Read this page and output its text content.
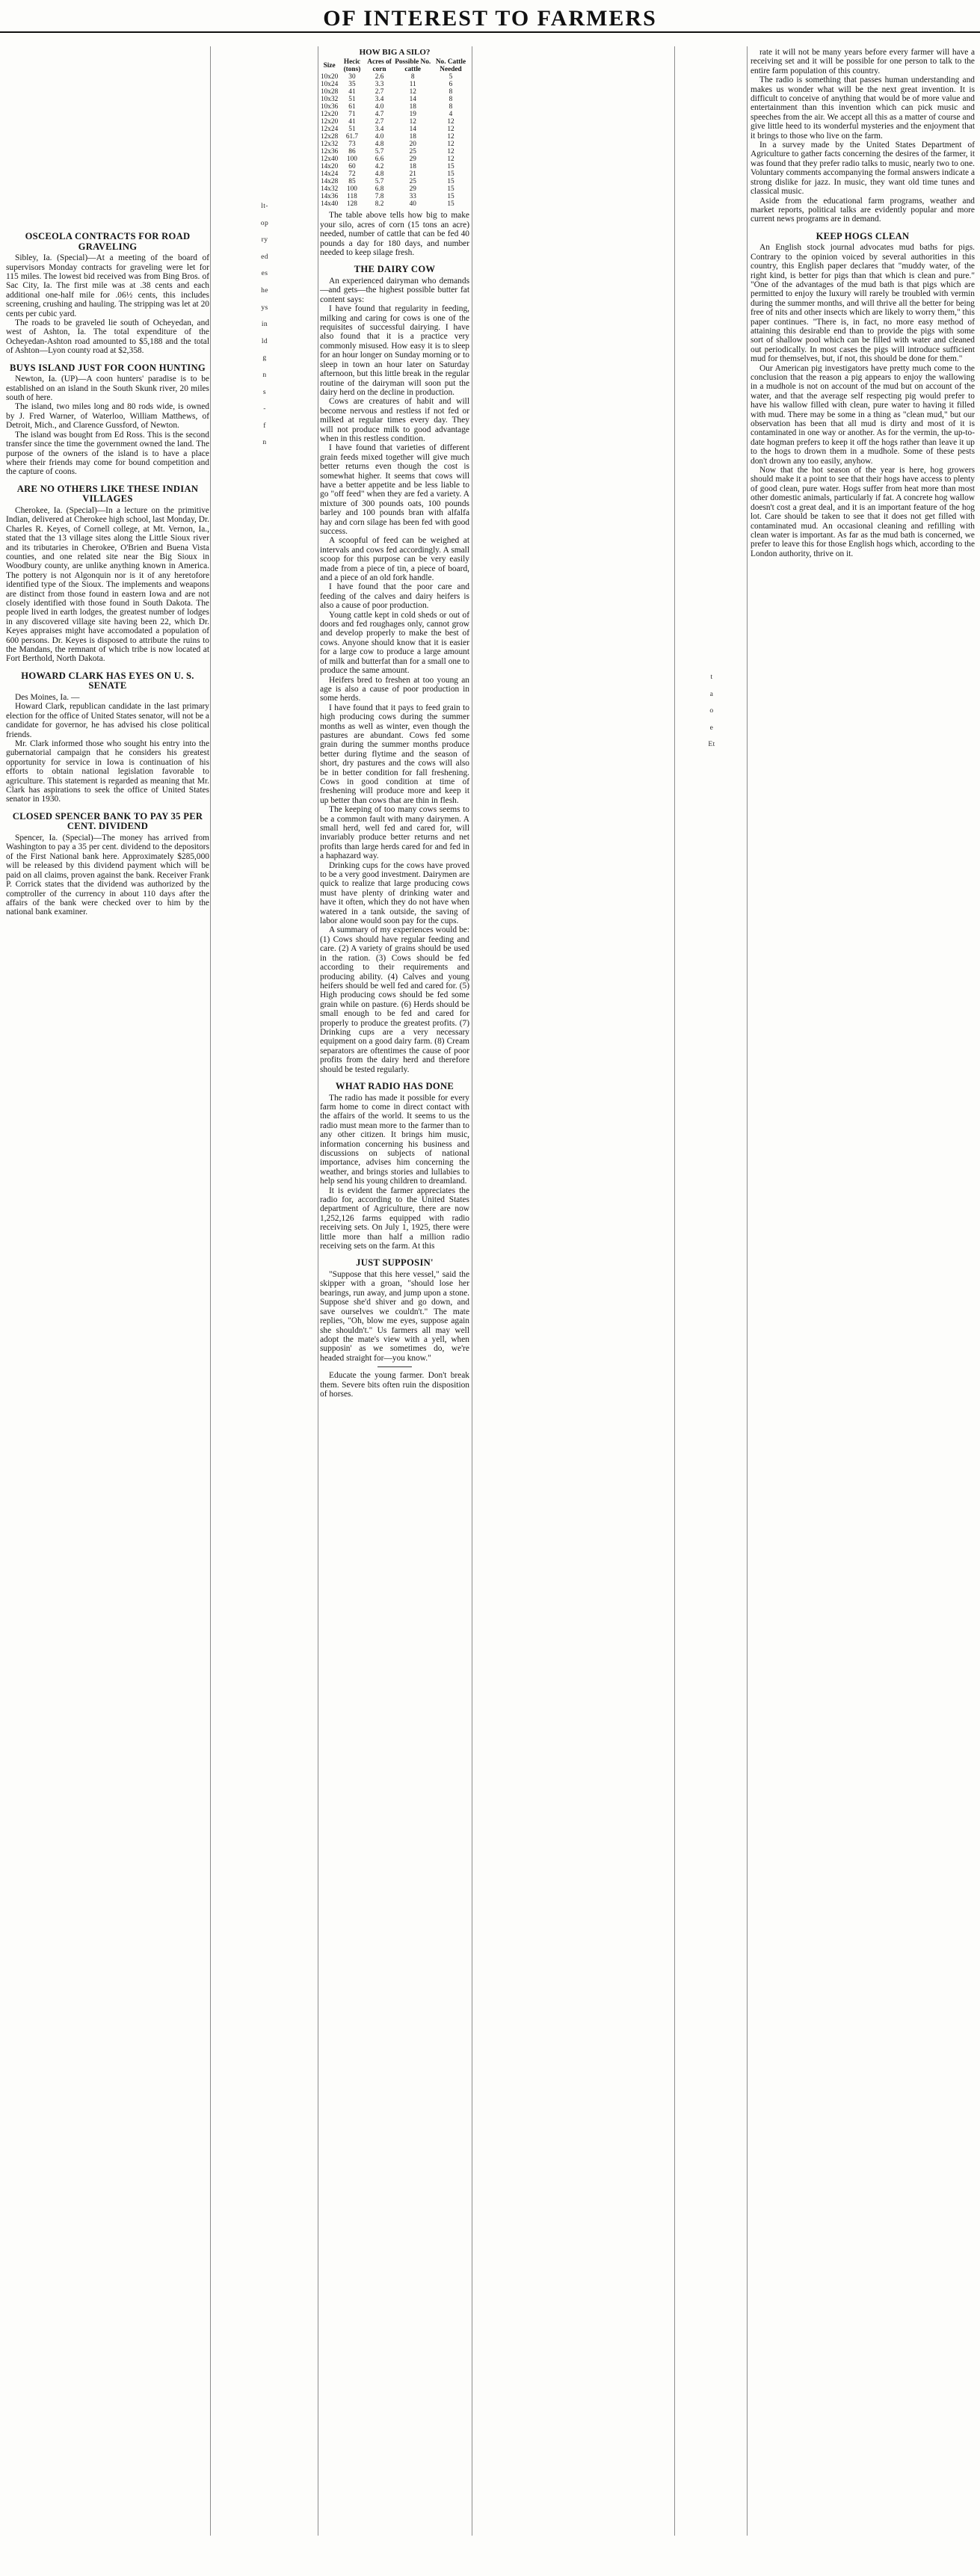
OF INTEREST TO FARMERS
OSCEOLA CONTRACTS FOR ROAD GRAVELING

Sibley, Ia. (Special)—At a meeting of the board of supervisors Monday contracts for graveling were let for 115 miles. The lowest bid received was from Bing Bros. of Sac City, Ia. The first mile was at .38 cents and each additional one-half mile for .06½ cents, this includes screening, crushing and hauling. The stripping was let at 20 cents per cubic yard.

The roads to be graveled lie south of Ocheyedan, and west of Ashton, Ia. The total expenditure of the Ocheyedan-Ashton road amounted to $5,188 and the total of Ashton—Lyon county road at $2,358.

BUYS ISLAND JUST FOR COON HUNTING

Newton, Ia. (UP)—A coon hunters' paradise is to be established on an island in the South Skunk river, 20 miles south of here.

The island, two miles long and 80 rods wide, is owned by J. Fred Warner, of Waterloo, William Matthews, of Detroit, Mich., and Clarence Gussford, of Newton.

The island was bought from Ed Ross. This is the second transfer since the time the government owned the land. The purpose of the owners of the island is to have a place where their friends may come for bound competition and the capture of coons.

ARE NO OTHERS LIKE THESE INDIAN VILLAGES

Cherokee, Ia. (Special)—In a lecture on the primitive Indian, delivered at Cherokee high school, last Monday, Dr. Charles R. Keyes, of Cornell college, at Mt. Vernon, Ia., stated that the 13 village sites along the Little Sioux river and its tributaries in Cherokee, O'Brien and Buena Vista counties, and one related site near the Big Sioux in Woodbury county, are unlike anything known in America. The pottery is not Algonquin nor is it of any heretofore identified type of the Sioux. The implements and weapons are distinct from those found in eastern Iowa and are not closely identified with those found in South Dakota. The people lived in earth lodges, the greatest number of lodges in any discovered village site having been 22, which Dr. Keyes appraises might have accomodated a population of 600 persons. Dr. Keyes is disposed to attribute the ruins to the Mandans, the remnant of which tribe is now located at Fort Berthold, North Dakota.

HOWARD CLARK HAS EYES ON U. S. SENATE

Des Moines, Ia. —

Howard Clark, republican candidate in the last primary election for the office of United States senator, will not be a candidate for governor, he has advised his close political friends.

Mr. Clark informed those who sought his entry into the gubernatorial campaign that he considers his greatest opportunity for service in Iowa is continuation of his efforts to obtain national legislation favorable to agriculture. This statement is regarded as meaning that Mr. Clark has aspirations to seek the office of United States senator in 1930.

CLOSED SPENCER BANK TO PAY 35 PER CENT. DIVIDEND

Spencer, Ia. (Special)—The money has arrived from Washington to pay a 35 per cent. dividend to the depositors of the First National bank here. Approximately $285,000 will be released by this dividend payment which will be paid on all claims, proven against the bank. Receiver Frank P. Corrick states that the dividend was authorized by the comptroller of the currency in about 110 days after the affairs of the bank were checked over to him by the national bank examiner.

lt-
op
ry
ed
es
he
ys
in
ld
g
n
s
-
f
n
HOW BIG A SILO?
Size	Hecic (tons)	Acres of corn	Possible No. cattle	No. Cattle Needed
10x20	30	2.6	8	5
10x24	35	3.3	11	6
10x28	41	2.7	12	8
10x32	51	3.4	14	8
10x36	61	4.0	18	8
12x20	71	4.7	19	4
12x20	41	2.7	12	12
12x24	51	3.4	14	12
12x28	61.7	4.0	18	12
12x32	73	4.8	20	12
12x36	86	5.7	25	12
12x40	100	6.6	29	12
14x20	60	4.2	18	15
14x24	72	4.8	21	15
14x28	85	5.7	25	15
14x32	100	6.8	29	15
14x36	118	7.8	33	15
14x40	128	8.2	40	15

The table above tells how big to make your silo, acres of corn (15 tons an acre) needed, number of cattle that can be fed 40 pounds a day for 180 days, and number needed to keep silage fresh.

THE DAIRY COW

An experienced dairyman who demands—and gets—the highest possible butter fat content says:

I have found that regularity in feeding, milking and caring for cows is one of the requisites of successful dairying. I have also found that it is a practice very commonly misused. How easy it is to sleep for an hour longer on Sunday morning or to sleep in town an hour later on Saturday afternoon, but this little break in the regular routine of the dairyman will soon put the dairy herd on the decline in production.

Cows are creatures of habit and will become nervous and restless if not fed or milked at regular times every day. They will not produce milk to good advantage when in this restless condition.

I have found that varieties of different grain feeds mixed together will give much better returns even though the cost is somewhat higher. It seems that cows will have a better appetite and be less liable to go "off feed" when they are fed a variety. A mixture of 300 pounds oats, 100 pounds barley and 100 pounds bran with alfalfa hay and corn silage has been fed with good success.

A scoopful of feed can be weighed at intervals and cows fed accordingly. A small scoop for this purpose can be very easily made from a piece of tin, a piece of board, and a piece of an old fork handle.

I have found that the poor care and feeding of the calves and dairy heifers is also a cause of poor production.

Young cattle kept in cold sheds or out of doors and fed roughages only, cannot grow and develop properly to make the best of cows. Anyone should know that it is easier for a large cow to produce a large amount of milk and butterfat than for a small one to produce the same amount.

Heifers bred to freshen at too young an age is also a cause of poor production in some herds.

I have found that it pays to feed grain to high producing cows during the summer months as well as winter, even though the pastures are abundant. Cows fed some grain during the summer months produce better during flytime and the season of short, dry pastures and the cows will also be in better condition for fall freshening. Cows in good condition at time of freshening will produce more and keep it up better than cows that are thin in flesh.

The keeping of too many cows seems to be a common fault with many dairymen. A small herd, well fed and cared for, will invariably produce better returns and net profits than large herds cared for and fed in a haphazard way.

Drinking cups for the cows have proved to be a very good investment. Dairymen are quick to realize that large producing cows must have plenty of drinking water and have it often, which they do not have when watered in a tank outside, the saving of labor alone would soon pay for the cups.

A summary of my experiences would be: (1) Cows should have regular feeding and care. (2) A variety of grains should be used in the ration. (3) Cows should be fed according to their requirements and producing ability. (4) Calves and young heifers should be well fed and cared for. (5) High producing cows should be fed some grain while on pasture. (6) Herds should be small enough to be fed and cared for properly to produce the greatest profits. (7) Drinking cups are a very necessary equipment on a good dairy farm. (8) Cream separators are oftentimes the cause of poor profits from the dairy herd and therefore should be tested regularly.

WHAT RADIO HAS DONE

The radio has made it possible for every farm home to come in direct contact with the affairs of the world. It seems to us the radio must mean more to the farmer than to any other citizen. It brings him music, information concerning his business and discussions on subjects of national importance, advises him concerning the weather, and brings stories and lullabies to help send his young children to dreamland.

It is evident the farmer appreciates the radio for, according to the United States department of Agriculture, there are now 1,252,126 farms equipped with radio receiving sets. On July 1, 1925, there were little more than half a million radio receiving sets on the farm. At this

JUST SUPPOSIN'

"Suppose that this here vessel," said the skipper with a groan, "should lose her bearings, run away, and jump upon a stone. Suppose she'd shiver and go down, and save ourselves we couldn't." The mate replies, "Oh, blow me eyes, suppose again she shouldn't." Us farmers all may well adopt the mate's view with a yell, when supposin' as we sometimes do, we're headed straight for—you know."

Educate the young farmer. Don't break them. Severe bits often ruin the disposition of horses.

t
a
o
e
Et

rate it will not be many years before every farmer will have a receiving set and it will be possible for one person to talk to the entire farm population of this country.

The radio is something that passes human understanding and makes us wonder what will be the next great invention. It is difficult to conceive of anything that would be of more value and entertainment than this invention which can pick music and speeches from the air. We accept all this as a matter of course and give little heed to its wonderful mysteries and the enjoyment that it brings to those who live on the farm.

In a survey made by the United States Department of Agriculture to gather facts concerning the desires of the farmer, it was found that they prefer radio talks to music, nearly two to one. Voluntary comments accompanying the formal answers indicate a strong dislike for jazz. In music, they want old time tunes and classical music.

Aside from the educational farm programs, weather and market reports, political talks are evidently popular and more current news programs are in demand.

KEEP HOGS CLEAN

An English stock journal advocates mud baths for pigs. Contrary to the opinion voiced by several authorities in this country, this English paper declares that "muddy water, of the right kind, is better for pigs than that which is clean and pure." "One of the advantages of the mud bath is that pigs which are permitted to enjoy the luxury will rarely be troubled with vermin during the summer months, and will thrive all the better for being free of nits and other insects which are likely to worry them," this paper continues. "There is, in fact, no more easy method of attaining this desirable end than to provide the pigs with some sort of shallow pool which can be filled with water and cleaned out periodically. In most cases the pigs will introduce sufficient mud for themselves, but, if not, this should be done for them."

Our American pig investigators have pretty much come to the conclusion that the reason a pig appears to enjoy the wallowing in a mudhole is not on account of the mud but on account of the water, and that the average self respecting pig would prefer to have his wallow filled with clean, pure water to having it filled with mud. There may be some in a thing as "clean mud," but our observation has been that all mud is dirty and most of it is contaminated in one way or another. As for the vermin, the up-to-date hogman prefers to keep it off the hogs rather than leave it up to the hogs to drown them in a mudhole. Some of these pests don't drown any too easily, anyhow.

Now that the hot season of the year is here, hog growers should make it a point to see that their hogs have access to plenty of good clean, pure water. Hogs suffer from heat more than most other domestic animals, particularly if fat. A concrete hog wallow doesn't cost a great deal, and it is an important feature of the hog lot. Care should be taken to see that it does not get filled with contaminated mud. An occasional cleaning and refilling with clean water is important. As far as the mud bath is concerned, we prefer to leave this for those English hogs which, according to the London authority, thrive on it.
